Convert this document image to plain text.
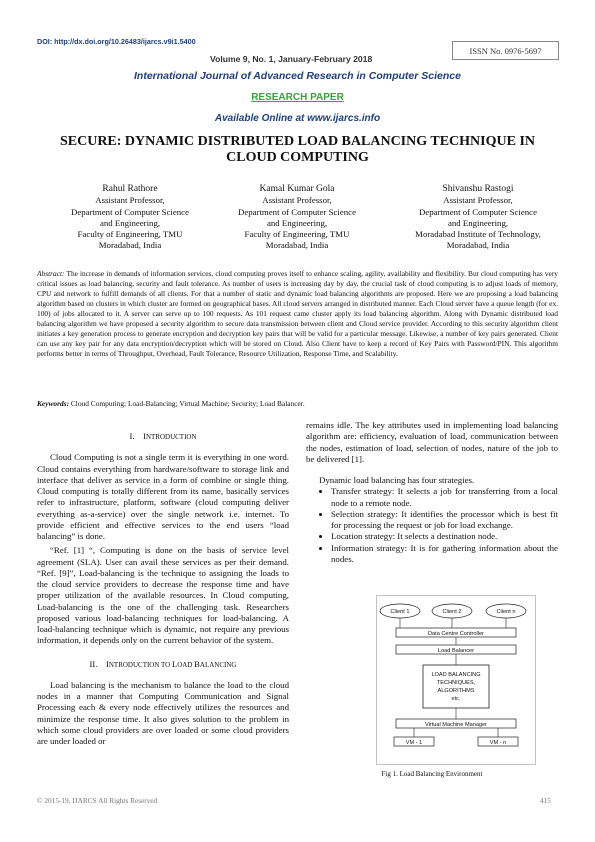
DOI: http://dx.doi.org/10.26483/ijarcs.v9i1.5400
Volume 9, No. 1, January-February 2018
ISSN No. 0976-5697
International Journal of Advanced Research in Computer Science
RESEARCH PAPER
Available Online at www.ijarcs.info
SECURE: DYNAMIC DISTRIBUTED LOAD BALANCING TECHNIQUE IN
CLOUD COMPUTING
Rahul Rathore
Assistant Professor,
Department of Computer Science
and Engineering,
Faculty of Engineering, TMU
Moradabad, India
Kamal Kumar Gola
Assistant Professor,
Department of Computer Science
and Engineering,
Faculty of Engineering, TMU
Moradabad, India
Shivanshu Rastogi
Assistant Professor,
Department of Computer Science
and Engineering,
Moradabad Institute of Technology,
Moradabad, India
Abstract: The increase in demands of information services, cloud computing proves itself to enhance scaling, agility, availability and flexibility. But cloud computing has very critical issues as load balancing, security and fault tolerance. As number of users is increasing day by day, the crucial task of cloud computing is to adjust loads of memory, CPU and network to fulfill demands of all clients. For that a number of static and dynamic load balancing algorithms are proposed. Here we are proposing a load balancing algorithm based on clusters in which cluster are formed on geographical bases. All cloud servers arranged in distributed manner. Each Cloud server have a queue length (for ex. 100) of jobs allocated to it. A server can serve up to 100 requests. As 101 request came cluster apply its load balancing algorithm. Along with Dynamic distributed load balancing algorithm we have proposed a security algorithm to secure data transmission between client and Cloud service provider. According to this security algorithm client initiates a key generation process to generate encryption and decryption key pairs that will be valid for a particular message. Likewise, a number of key pairs generated. Client can use any key pair for any data encryption/decryption which will be stored on Cloud. Also Client have to keep a record of Key Pairs with Password/PIN. This algorithm performs better in terms of Throughput, Overhead, Fault Tolerance, Resource Utilization, Response Time, and Scalability.
Keywords: Cloud Computing; Load-Balancing; Virtual Machine; Security; Load Balancer.
I. INTRODUCTION

Cloud Computing is not a single term it is everything in one word. Cloud contains everything from hardware/software to storage link and interface that deliver as service in a form of combine or single thing. Cloud computing is totally different from its name, basically services refer to infrastructure, platform, software (cloud computing deliver everything as-a-service) over the single network i.e. internet. To provide efficient and effective services to the end users “load balancing” is done.

“Ref. [1] “, Computing is done on the basis of service level agreement (SLA). User can avail these services as per their demand. “Ref. [9]”, Load-balancing is the technique to assigning the loads to the cloud service providers to decrease the response time and have proper utilization of the available resources. In Cloud computing, Load-balancing is the one of the challenging task. Researchers proposed various load-balancing techniques for load-balancing. A load-balancing technique which is dynamic, not require any previous information, it depends only on the current behavior of the system.

II. INTRODUCTION TO LOAD BALANCING

Load balancing is the mechanism to balance the load to the cloud nodes in a manner that Computing Communication and Signal Processing each & every node effectively utilizes the resources and minimize the response time. It also gives solution to the problem in which some cloud providers are over loaded or some cloud providers are under loaded or

remains idle. The key attributes used in implementing load balancing algorithm are: efficiency, evaluation of load, communication between the nodes, estimation of load, selection of nodes, nature of the job to be delivered [1].

Dynamic load balancing has four strategies.

• Transfer strategy: It selects a job for transferring from a local node to a remote node.
• Selection strategy: It identifies the processor which is best fit for processing the request or job for load exchange.
• Location strategy: It selects a destination node.
• Information strategy: It is for gathering information about the nodes.
Client 1	Client 2	Client n
Data Centre Controller
Load Balancer
LOAD BALANCING
TECHNIQUES,
ALGORITHMS
etc.
Virtual Machine Manager
VM - 1	VM - n
Fig 1. Load Balancing Environment
© 2015-19, IJARCS All Rights Reserved	415
